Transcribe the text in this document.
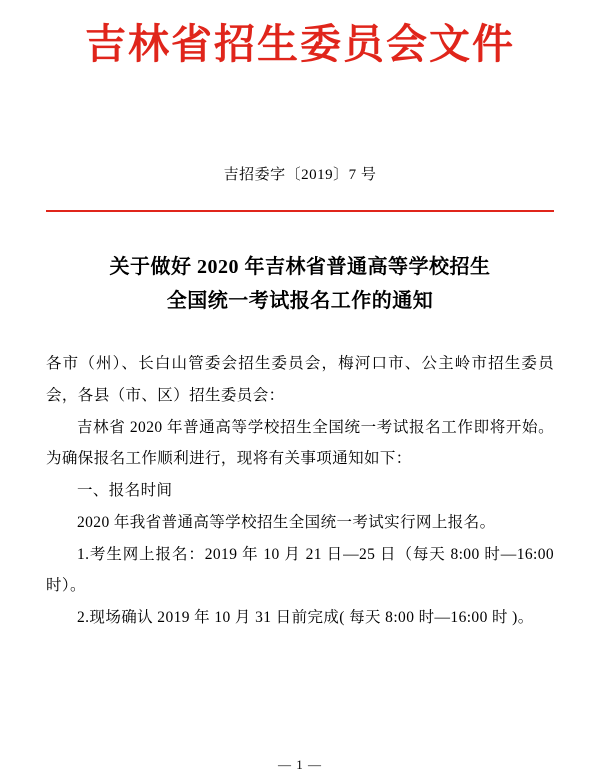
吉林省招生委员会文件
吉招委字〔2019〕7 号
关于做好 2020 年吉林省普通高等学校招生
全国统一考试报名工作的通知

各市（州）、长白山管委会招生委员会，梅河口市、公主岭市招生委员会，各县（市、区）招生委员会：

吉林省 2020 年普通高等学校招生全国统一考试报名工作即将开始。为确保报名工作顺利进行，现将有关事项通知如下：

一、报名时间

2020 年我省普通高等学校招生全国统一考试实行网上报名。

1.考生网上报名：2019 年 10 月 21 日—25 日（每天 8:00 时—16:00 时）。

2.现场确认 2019 年 10 月 31 日前完成( 每天 8:00 时—16:00 时 )。

— 1 —
